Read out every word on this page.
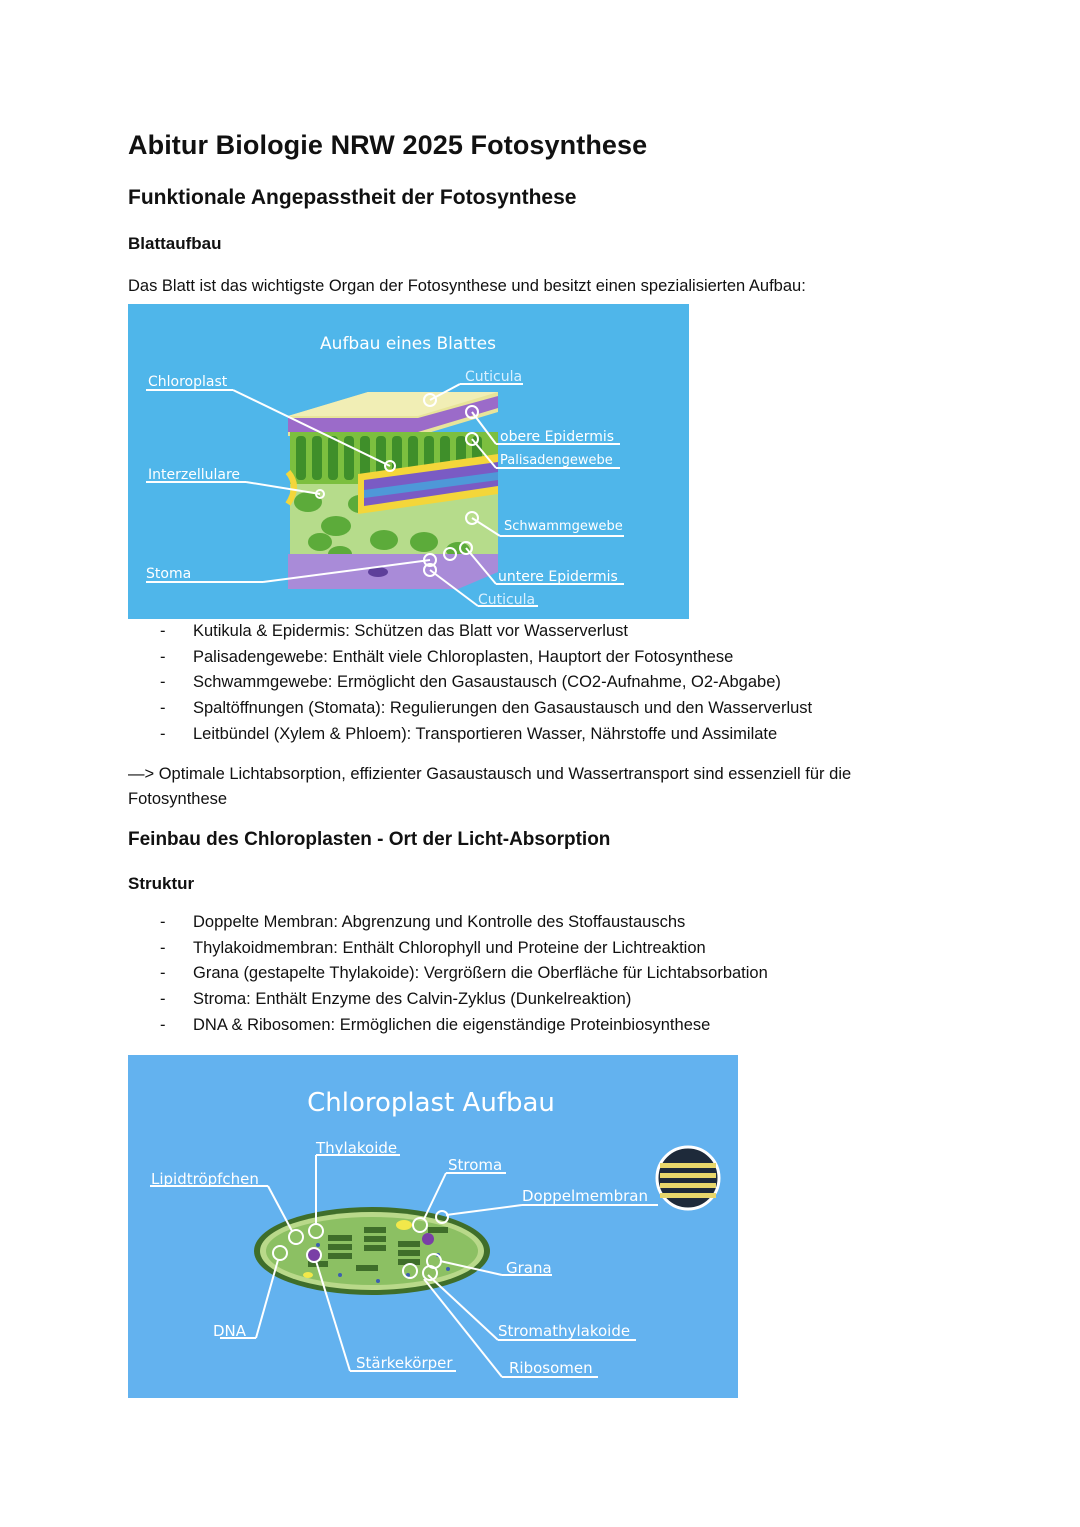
Abitur Biologie NRW 2025 Fotosynthese
Funktionale Angepasstheit der Fotosynthese
Blattaufbau
Das Blatt ist das wichtigste Organ der Fotosynthese und besitzt einen spezialisierten Aufbau:
Aufbau eines Blattes
Chloroplast	Cuticula
obere Epidermis
Palisadengewebe
Interzellulare
Schwammgewebe
Stoma	untere Epidermis
Cuticula
- Kutikula & Epidermis: Schützen das Blatt vor Wasserverlust
- Palisadengewebe: Enthält viele Chloroplasten, Hauptort der Fotosynthese
- Schwammgewebe: Ermöglicht den Gasaustausch (CO2-Aufnahme, O2-Abgabe)
- Spaltöffnungen (Stomata): Regulierungen den Gasaustausch und den Wasserverlust
- Leitbündel (Xylem & Phloem): Transportieren Wasser, Nährstoffe und Assimilate
—> Optimale Lichtabsorption, effizienter Gasaustausch und Wassertransport sind essenziell für die
Fotosynthese
Feinbau des Chloroplasten - Ort der Licht-Absorption
Struktur
- Doppelte Membran: Abgrenzung und Kontrolle des Stoffaustauschs
- Thylakoidmembran: Enthält Chlorophyll und Proteine der Lichtreaktion
- Grana (gestapelte Thylakoide): Vergrößern die Oberfläche für Lichtabsorbation
- Stroma: Enthält Enzyme des Calvin-Zyklus (Dunkelreaktion)
- DNA & Ribosomen: Ermöglichen die eigenständige Proteinbiosynthese
Chloroplast Aufbau
Thylakoide
Lipidtröpfchen
Stroma
Doppelmembran
Grana
DNA	Stromathylakoide
Stärkekörper	Ribosomen
